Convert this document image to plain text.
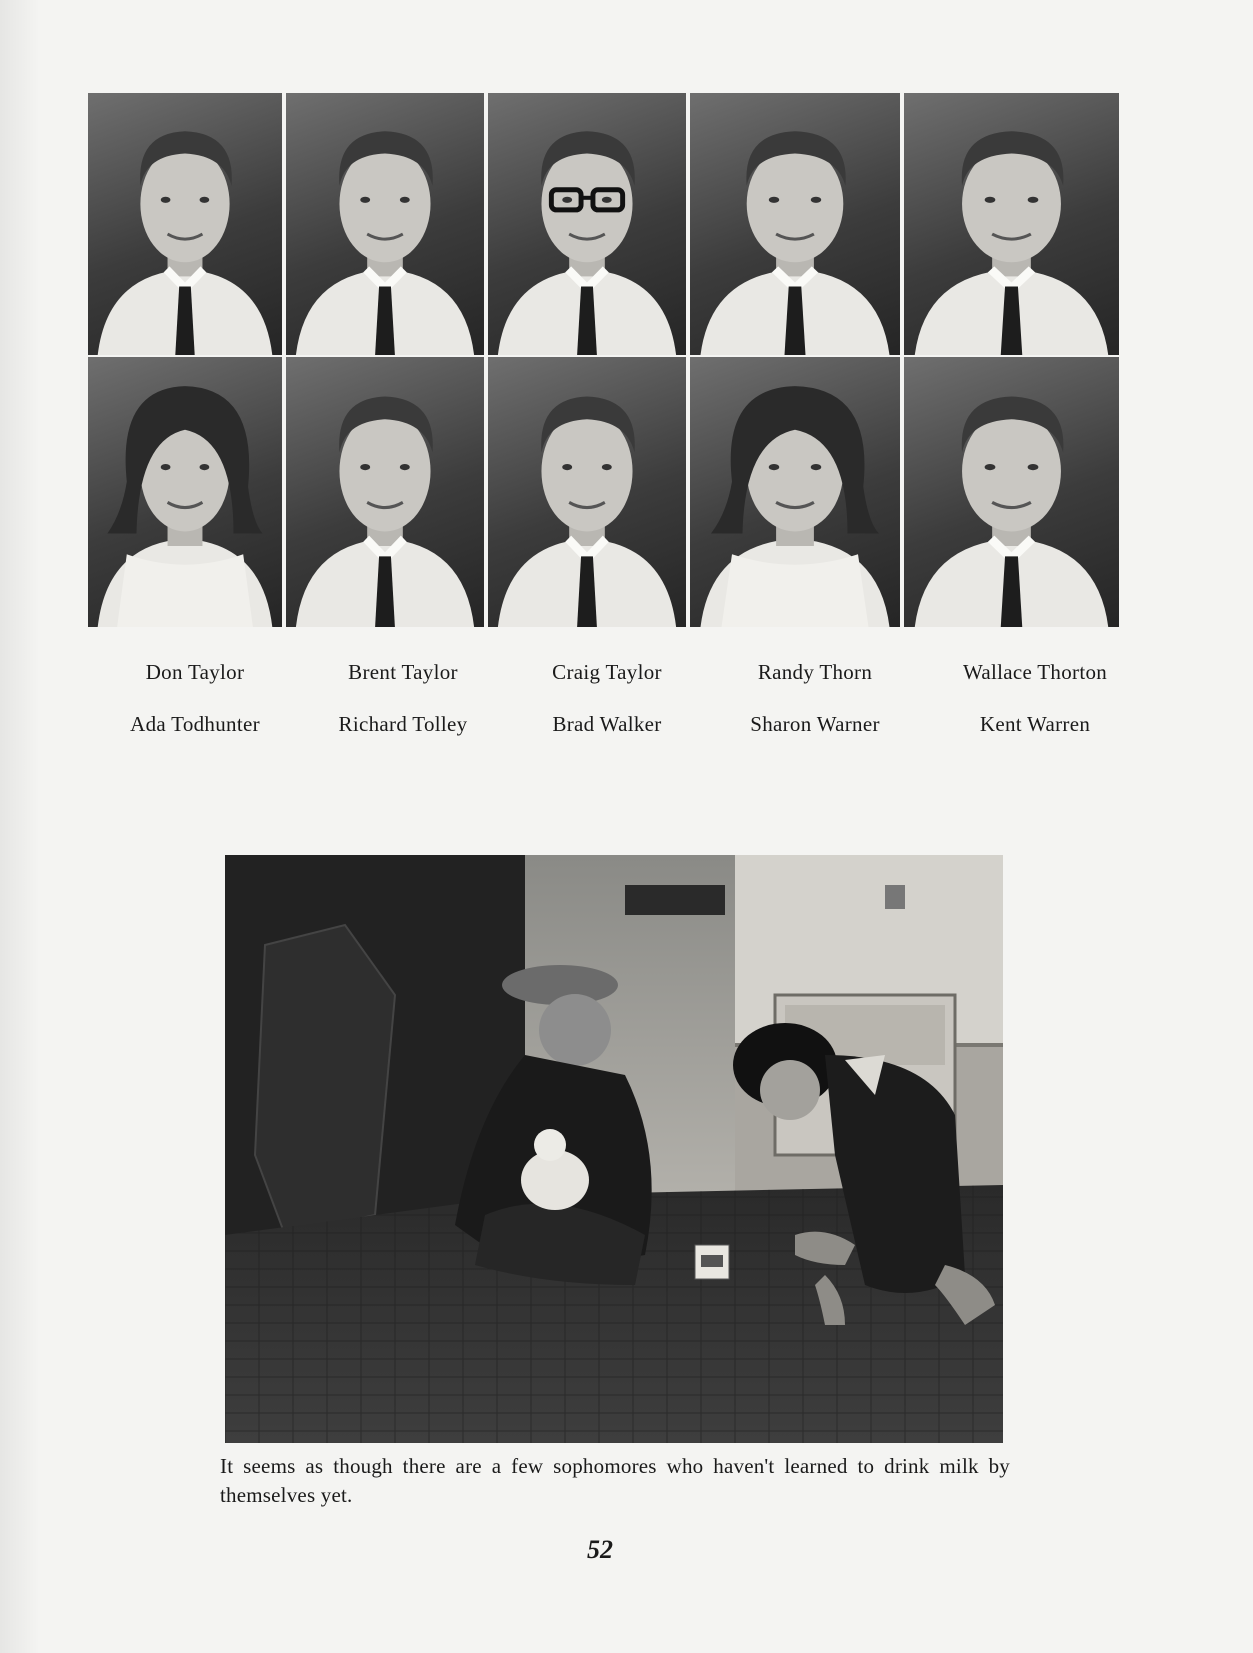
Don Taylor	Brent Taylor	Craig Taylor	Randy Thorn	Wallace Thorton
Ada Todhunter	Richard Tolley	Brad Walker	Sharon Warner	Kent Warren
It seems as though there are a few sophomores who haven't learned to drink milk by themselves yet.
52
